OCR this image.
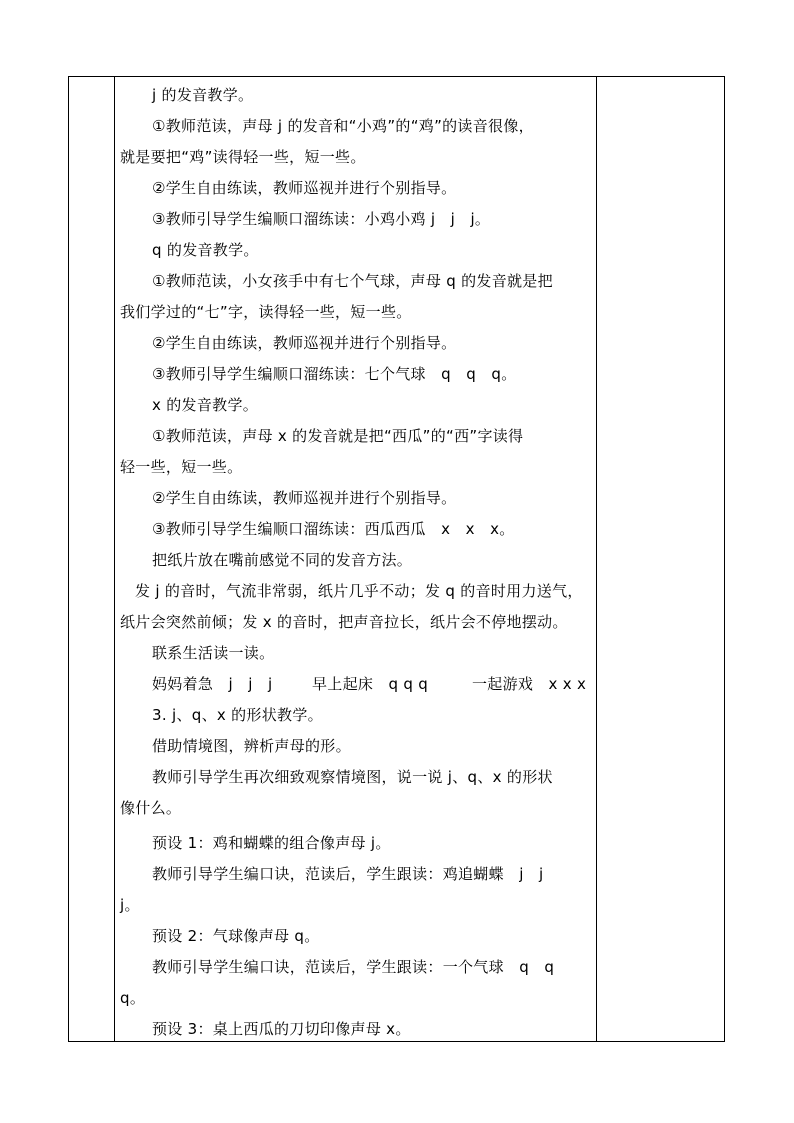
j 的发音教学。
①教师范读，声母 j 的发音和“小鸡”的“鸡”的读音很像，
就是要把“鸡”读得轻一些，短一些。
②学生自由练读，教师巡视并进行个别指导。
③教师引导学生编顺口溜练读：小鸡小鸡 j　j　j。
q 的发音教学。
①教师范读，小女孩手中有七个气球，声母 q 的发音就是把
我们学过的“七”字，读得轻一些，短一些。
②学生自由练读，教师巡视并进行个别指导。
③教师引导学生编顺口溜练读：七个气球　q　q　q。
x 的发音教学。
①教师范读，声母 x 的发音就是把“西瓜”的“西”字读得
轻一些，短一些。
②学生自由练读，教师巡视并进行个别指导。
③教师引导学生编顺口溜练读：西瓜西瓜　x　x　x。
把纸片放在嘴前感觉不同的发音方法。
发 j 的音时，气流非常弱，纸片几乎不动；发 q 的音时用力送气，
纸片会突然前倾；发 x 的音时，把声音拉长，纸片会不停地摆动。
联系生活读一读。
妈妈着急　j　j　j	早上起床　q q q	一起游戏　x x x
3. j、q、x 的形状教学。
借助情境图，辨析声母的形。
教师引导学生再次细致观察情境图，说一说 j、q、x 的形状
像什么。
预设 1：鸡和蝴蝶的组合像声母 j。
教师引导学生编口诀，范读后，学生跟读：鸡追蝴蝶　j　j
j。
预设 2：气球像声母 q。
教师引导学生编口诀，范读后，学生跟读：一个气球　q　q
q。
预设 3：桌上西瓜的刀切印像声母 x。
